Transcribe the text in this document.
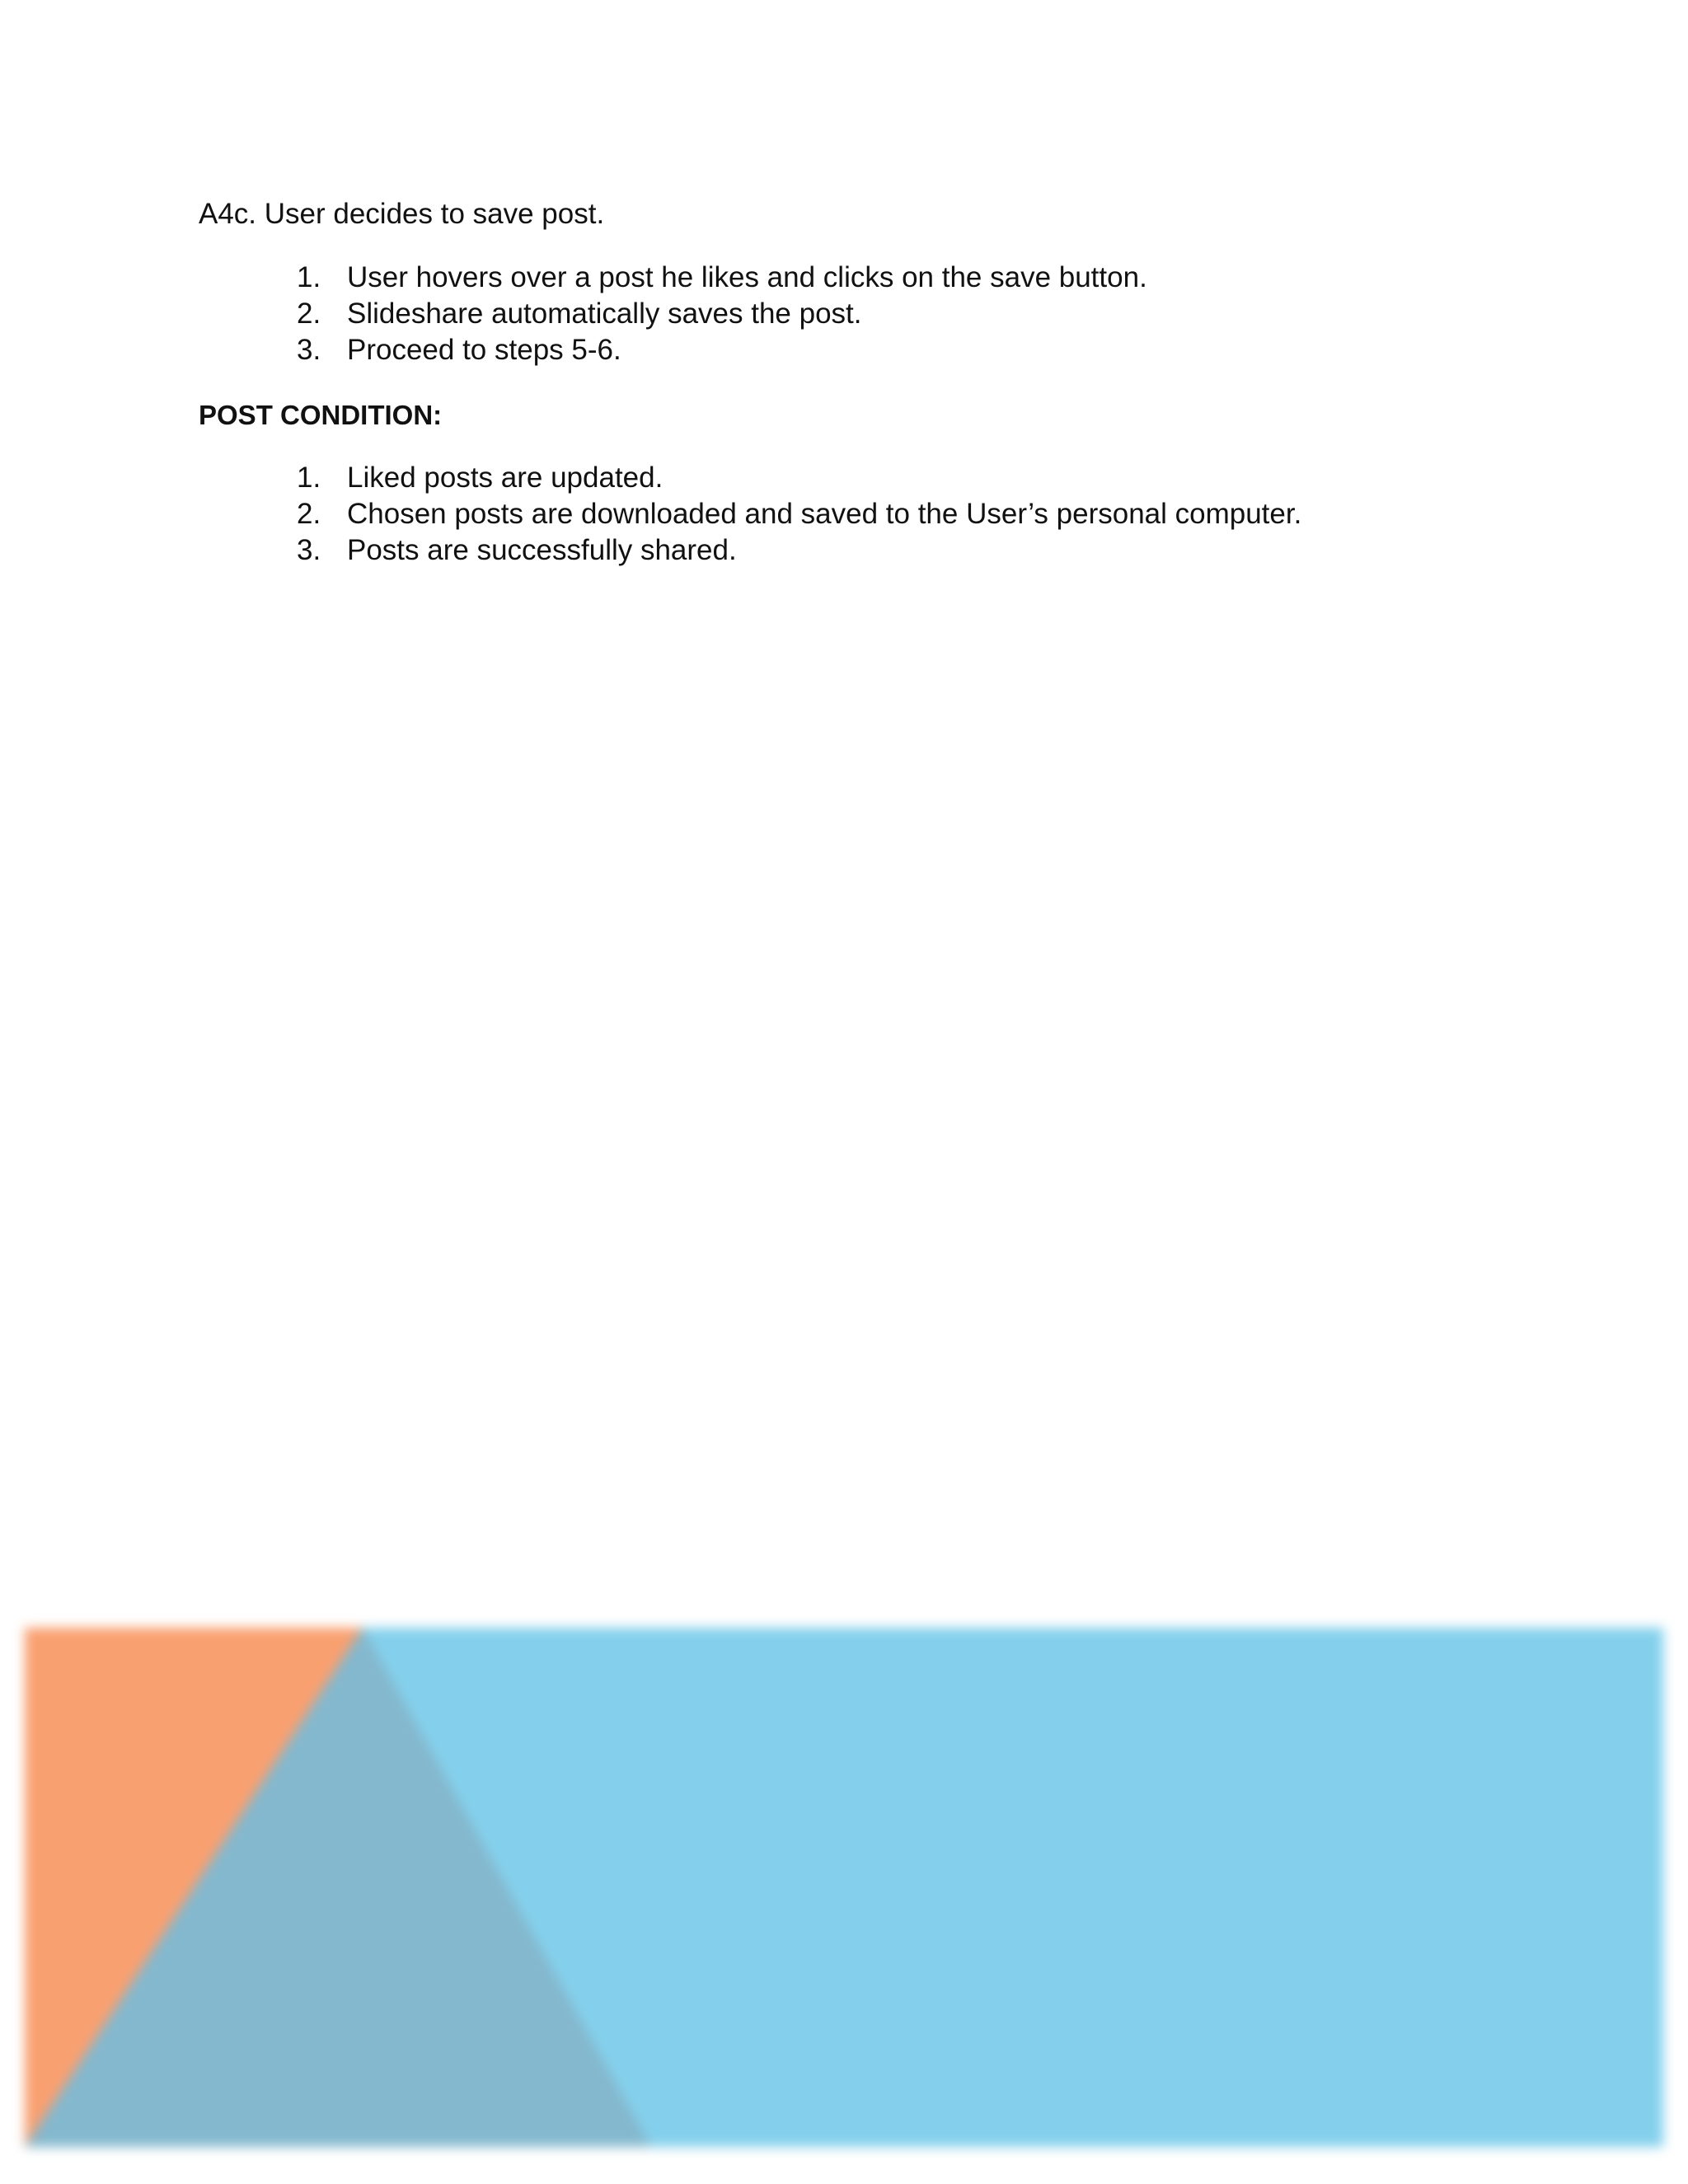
A4c. User decides to save post.
1. User hovers over a post he likes and clicks on the save button.
2. Slideshare automatically saves the post.
3. Proceed to steps 5-6.
POST CONDITION:
1. Liked posts are updated.
2. Chosen posts are downloaded and saved to the User’s personal computer.
3. Posts are successfully shared.
